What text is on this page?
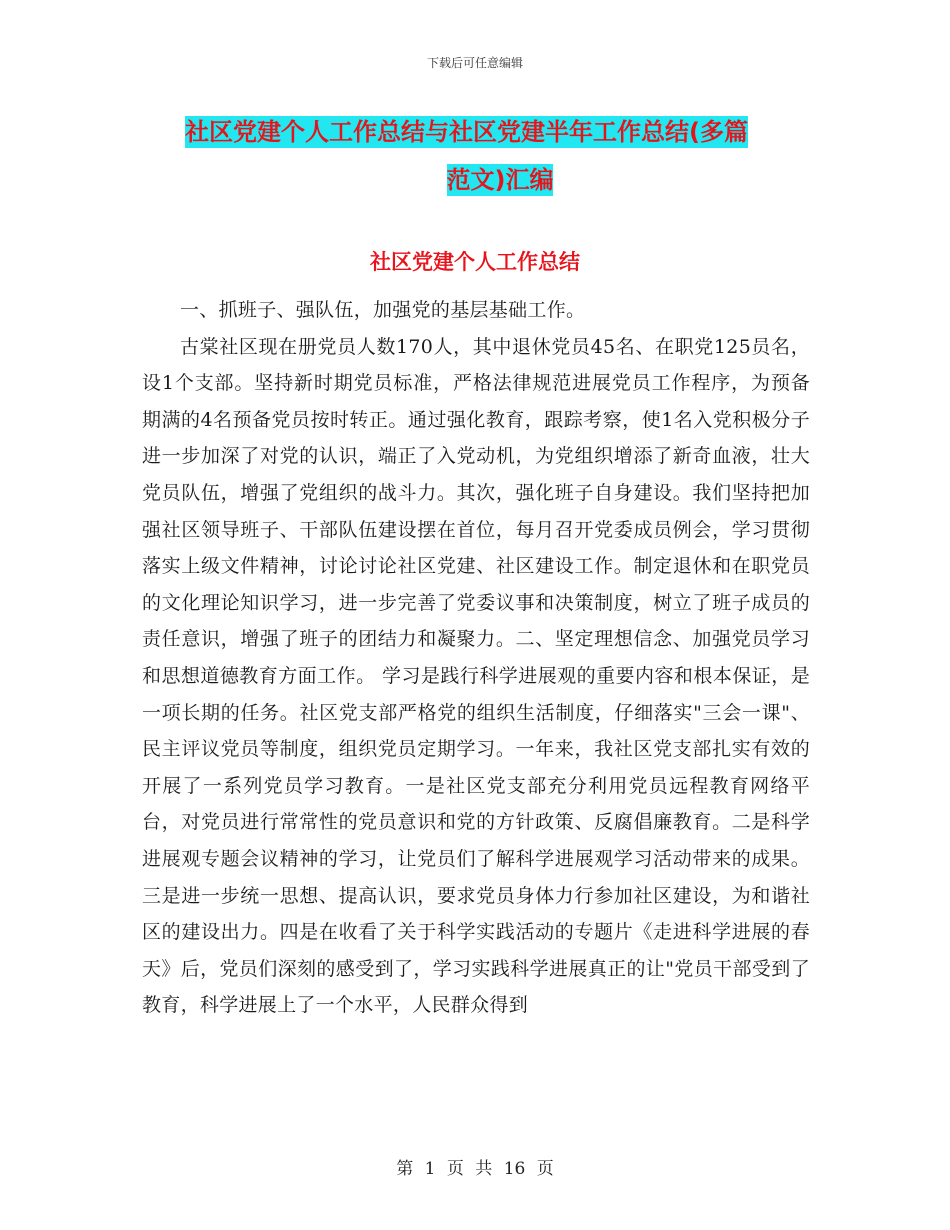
下载后可任意编辑
社区党建个人工作总结与社区党建半年工作总结(多篇
范文)汇编
社区党建个人工作总结

一、抓班子、强队伍，加强党的基层基础工作。

古棠社区现在册党员人数170人，其中退休党员45名、在职党125员名，设1个支部。坚持新时期党员标准，严格法律规范进展党员工作程序，为预备期满的4名预备党员按时转正。通过强化教育，跟踪考察，使1名入党积极分子进一步加深了对党的认识，端正了入党动机，为党组织增添了新奇血液，壮大党员队伍，增强了党组织的战斗力。其次，强化班子自身建设。我们坚持把加强社区领导班子、干部队伍建设摆在首位，每月召开党委成员例会，学习贯彻落实上级文件精神，讨论讨论社区党建、社区建设工作。制定退休和在职党员的文化理论知识学习，进一步完善了党委议事和决策制度，树立了班子成员的责任意识，增强了班子的团结力和凝聚力。二、坚定理想信念、加强党员学习和思想道德教育方面工作。 学习是践行科学进展观的重要内容和根本保证，是一项长期的任务。社区党支部严格党的组织生活制度，仔细落实"三会一课"、民主评议党员等制度，组织党员定期学习。一年来，我社区党支部扎实有效的开展了一系列党员学习教育。一是社区党支部充分利用党员远程教育网络平台，对党员进行常常性的党员意识和党的方针政策、反腐倡廉教育。二是科学进展观专题会议精神的学习，让党员们了解科学进展观学习活动带来的成果。三是进一步统一思想、提高认识，要求党员身体力行参加社区建设，为和谐社区的建设出力。四是在收看了关于科学实践活动的专题片《走进科学进展的春天》后，党员们深刻的感受到了，学习实践科学进展真正的让"党员干部受到了教育，科学进展上了一个水平，人民群众得到

第 1 页 共 16 页
